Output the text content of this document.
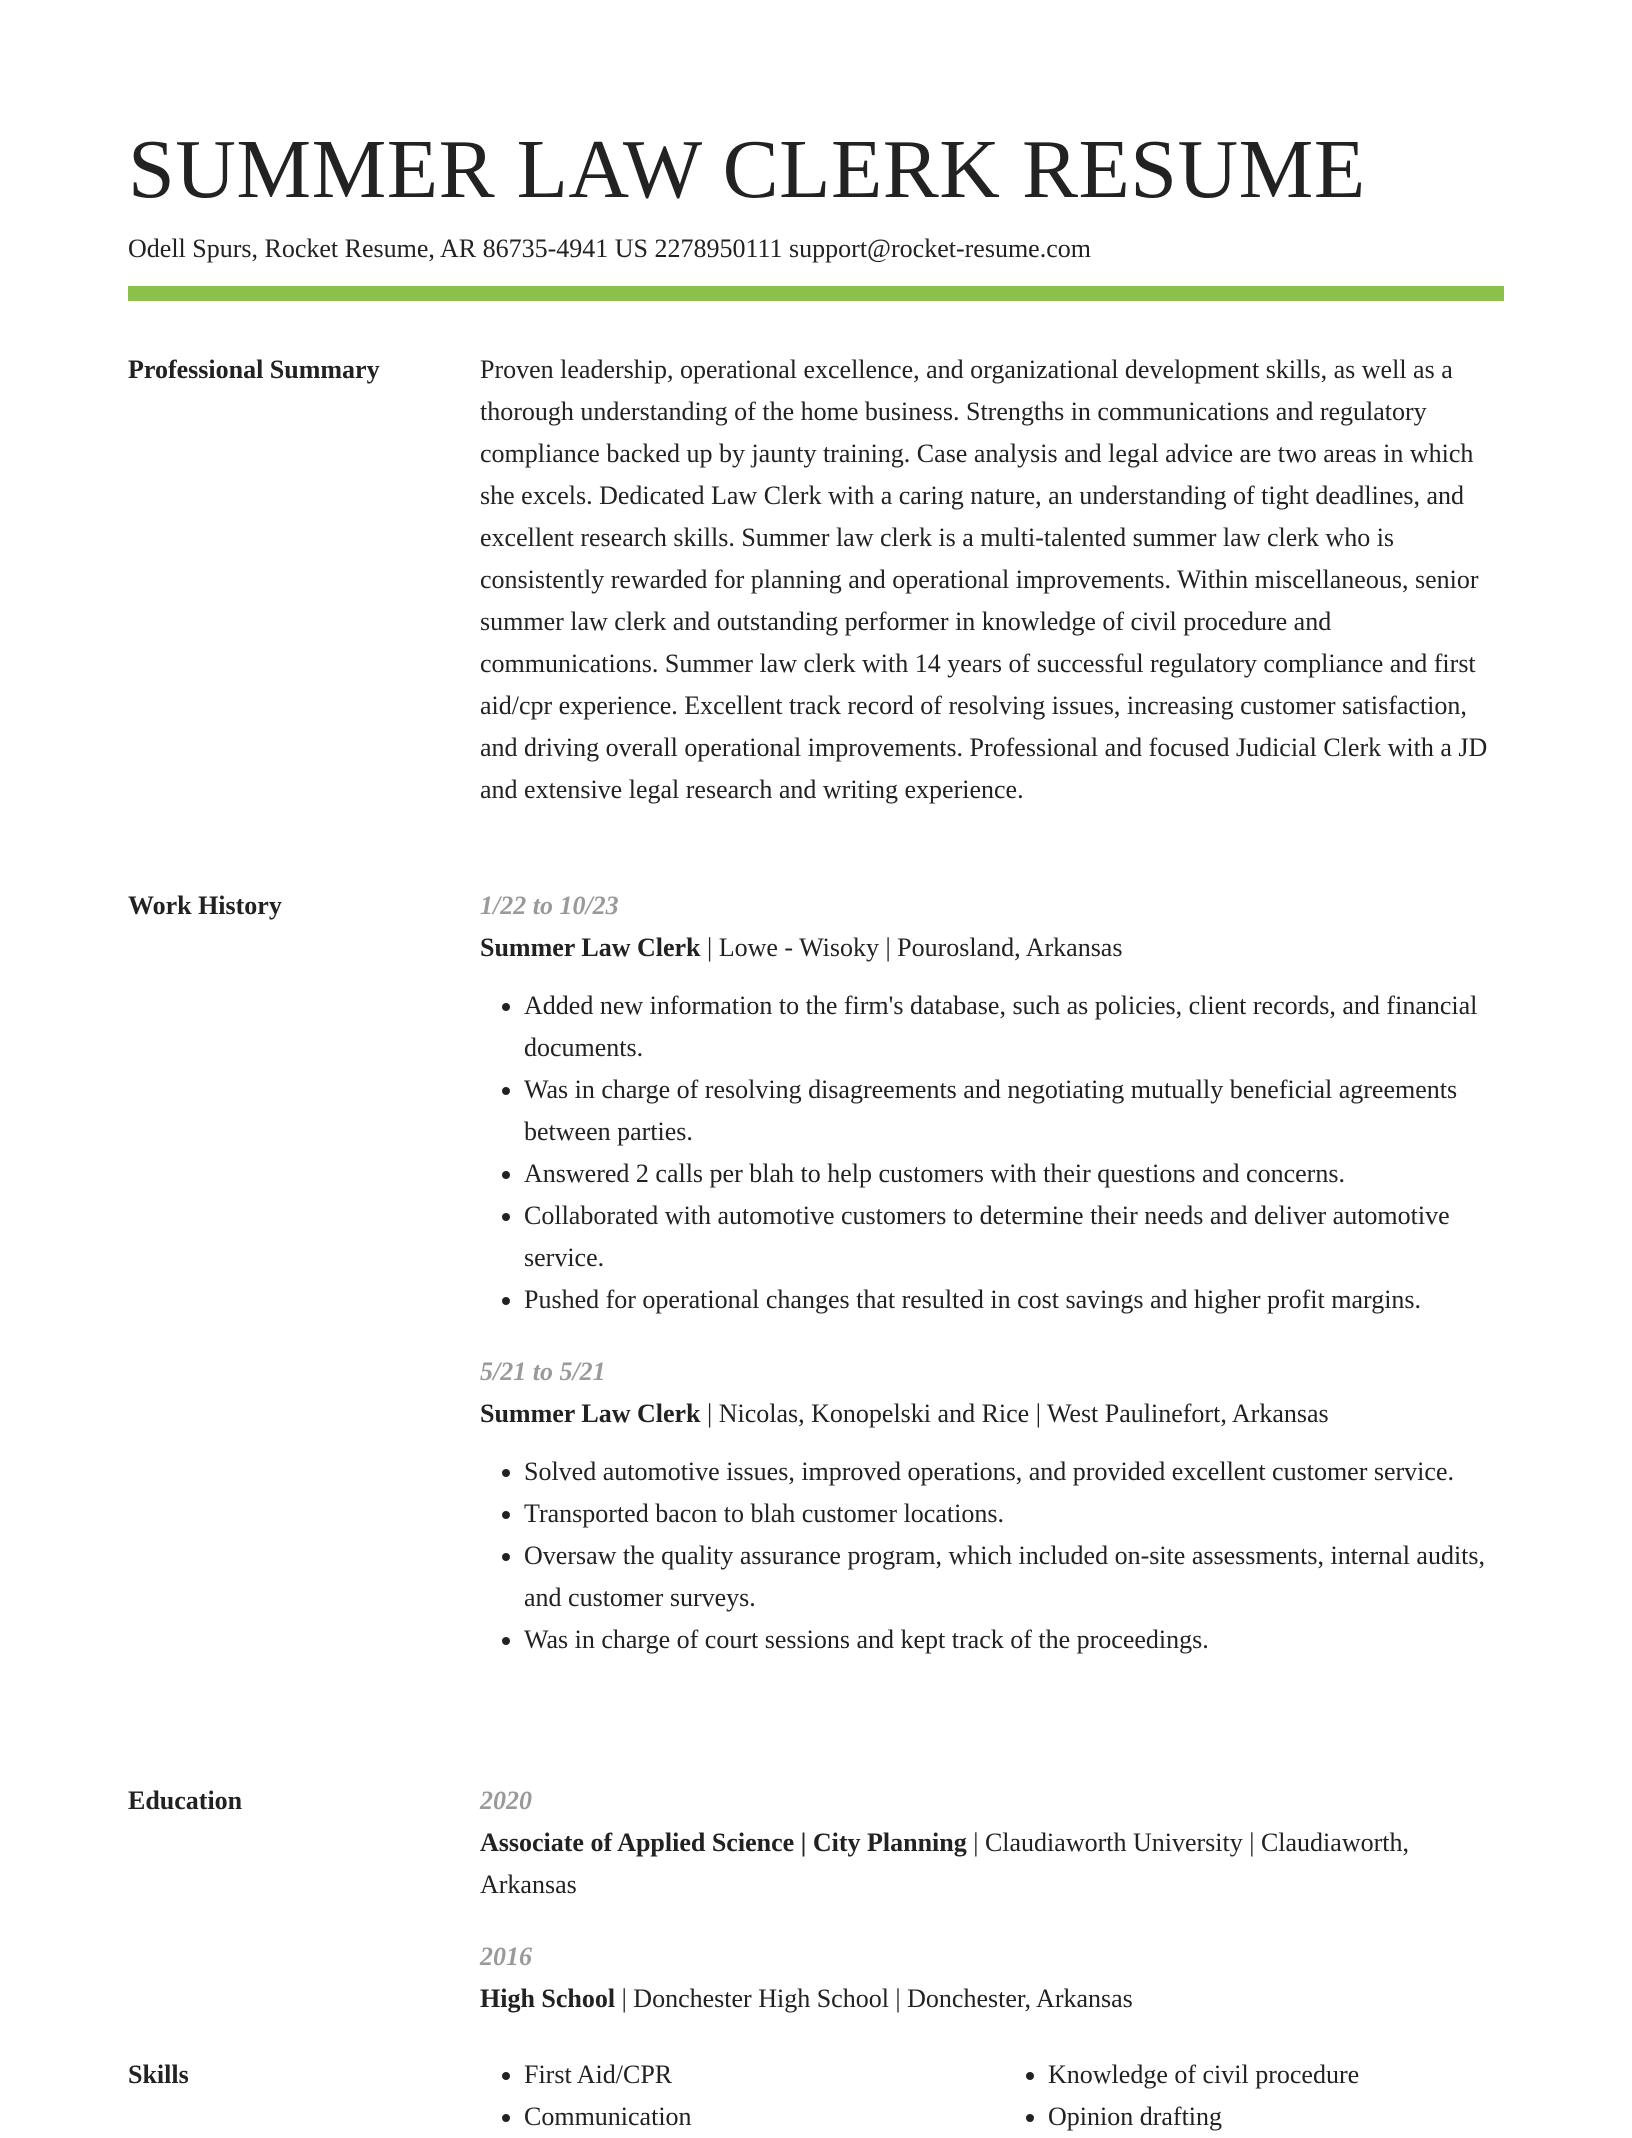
SUMMER LAW CLERK RESUME
Odell Spurs, Rocket Resume, AR 86735-4941 US 2278950111 support@rocket-resume.com
Professional Summary	Proven leadership, operational excellence, and organizational development skills, as well as a thorough understanding of the home business. Strengths in communications and regulatory compliance backed up by jaunty training. Case analysis and legal advice are two areas in which she excels. Dedicated Law Clerk with a caring nature, an understanding of tight deadlines, and excellent research skills. Summer law clerk is a multi-talented summer law clerk who is consistently rewarded for planning and operational improvements. Within miscellaneous, senior summer law clerk and outstanding performer in knowledge of civil procedure and communications. Summer law clerk with 14 years of successful regulatory compliance and first aid/cpr experience. Excellent track record of resolving issues, increasing customer satisfaction, and driving overall operational improvements. Professional and focused Judicial Clerk with a JD and extensive legal research and writing experience.

Work History	1/22 to 10/23
Summer Law Clerk | Lowe - Wisoky | Pourosland, Arkansas
• Added new information to the firm's database, such as policies, client records, and financial documents.
• Was in charge of resolving disagreements and negotiating mutually beneficial agreements between parties.
• Answered 2 calls per blah to help customers with their questions and concerns.
• Collaborated with automotive customers to determine their needs and deliver automotive service.
• Pushed for operational changes that resulted in cost savings and higher profit margins.
5/21 to 5/21
Summer Law Clerk | Nicolas, Konopelski and Rice | West Paulinefort, Arkansas
• Solved automotive issues, improved operations, and provided excellent customer service.
• Transported bacon to blah customer locations.
• Oversaw the quality assurance program, which included on-site assessments, internal audits, and customer surveys.
• Was in charge of court sessions and kept track of the proceedings.
Education	2020
Associate of Applied Science | City Planning | Claudiaworth University | Claudiaworth, Arkansas
2016
High School | Donchester High School | Donchester, Arkansas
Skills
•	First Aid/CPR
• Communication
• Knowledge of civil procedure
• Opinion drafting
